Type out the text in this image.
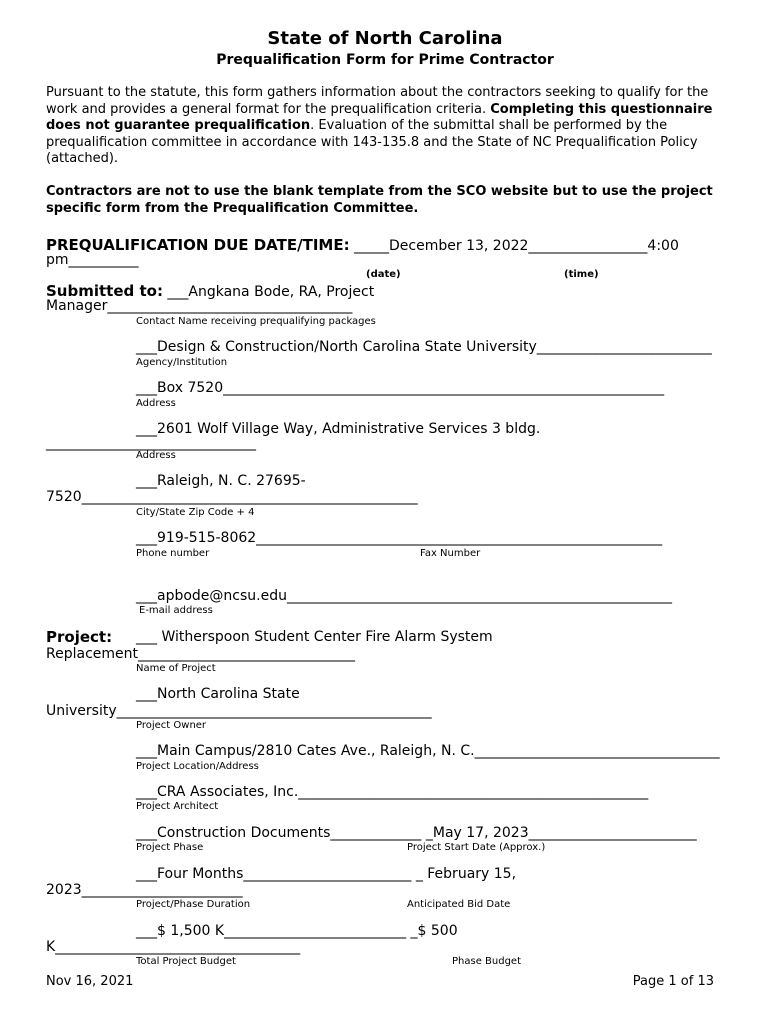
State of North Carolina
Prequalification Form for Prime Contractor
Pursuant to the statute, this form gathers information about the contractors seeking to qualify for the work and provides a general format for the prequalification criteria. Completing this questionnaire does not guarantee prequalification. Evaluation of the submittal shall be performed by the prequalification committee in accordance with 143-135.8 and the State of NC Prequalification Policy (attached).
Contractors are not to use the blank template from the SCO website but to use the project specific form from the Prequalification Committee.
PREQUALIFICATION DUE DATE/TIME: _____December 13, 2022_________________4:00
pm__________
(date)	(time)
Submitted to: ___Angkana Bode, RA, Project
Manager___________________________________
Contact Name receiving prequalifying packages
___Design & Construction/North Carolina State University_________________________
Agency/Institution
___Box 7520_______________________________________________________________
Address
___2601 Wolf Village Way, Administrative Services 3 bldg.
______________________________
Address
___Raleigh, N. C. 27695-
7520________________________________________________
City/State Zip Code + 4
___919-515-8062__________________________________________________________
Phone number	Fax Number
___apbode@ncsu.edu_______________________________________________________
E-mail address
Project: ___ Witherspoon Student Center Fire Alarm System
Replacement_______________________________
Name of Project
___North Carolina State
University_____________________________________________
Project Owner
___Main Campus/2810 Cates Ave., Raleigh, N. C.___________________________________
Project Location/Address
___CRA Associates, Inc.__________________________________________________
Project Architect
___Construction Documents_____________ _May 17, 2023________________________
Project Phase	Project Start Date (Approx.)
___Four Months________________________ _ February 15,
2023_______________________
Project/Phase Duration	Anticipated Bid Date
___$ 1,500 K__________________________ _$ 500
K___________________________________
Total Project Budget	Phase Budget
Nov 16, 2021	Page 1 of 13
